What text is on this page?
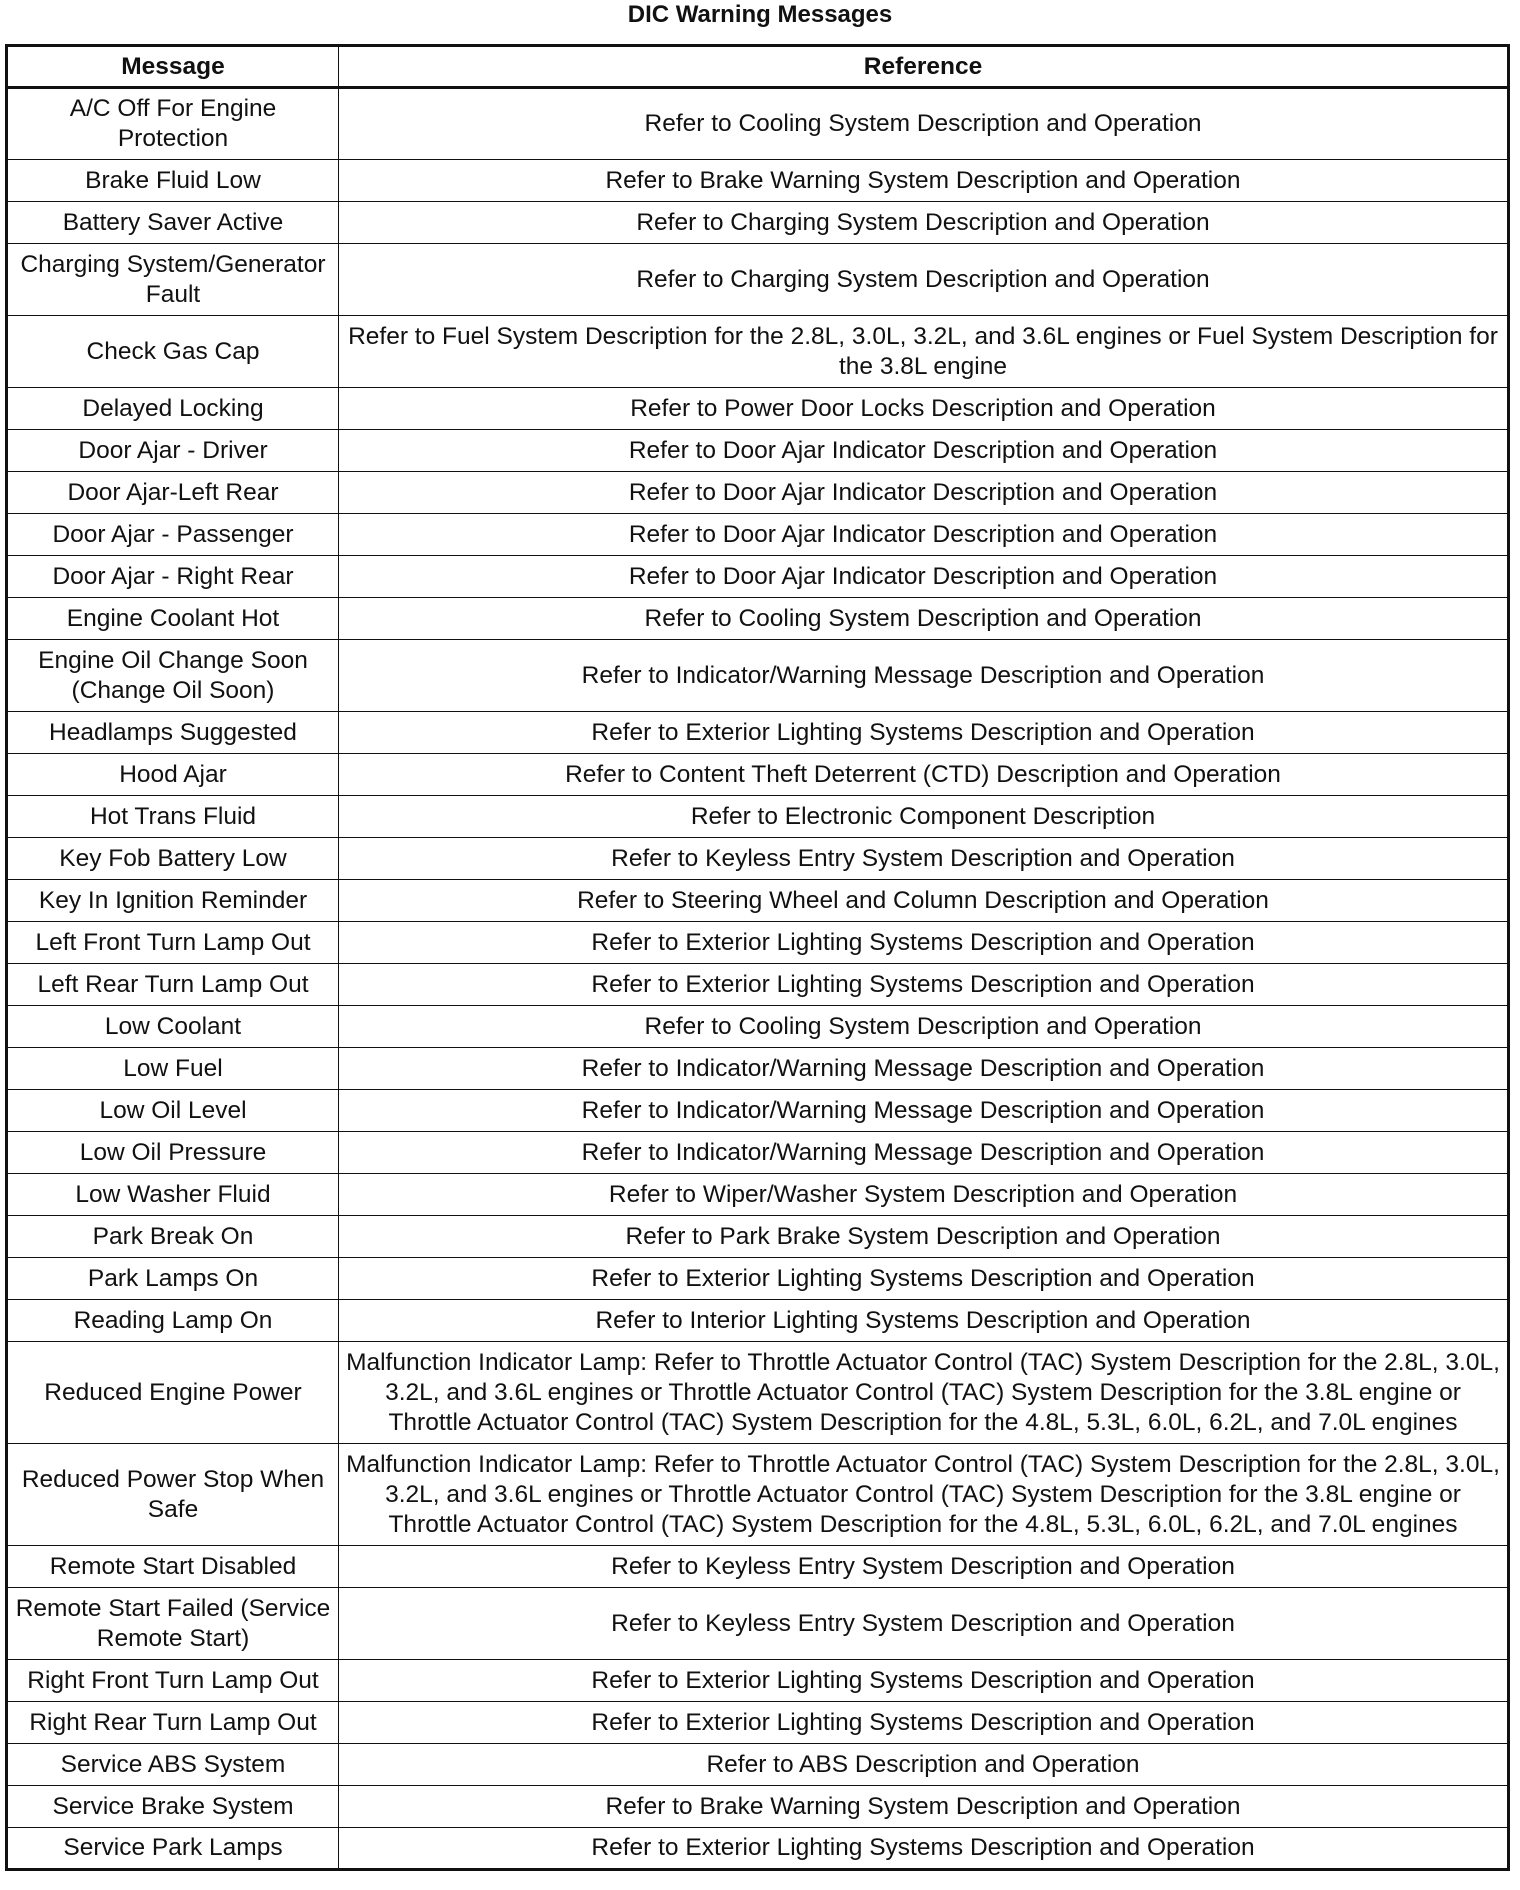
DIC Warning Messages
Message	Reference
A/C Off For Engine Protection	Refer to Cooling System Description and Operation
Brake Fluid Low	Refer to Brake Warning System Description and Operation
Battery Saver Active	Refer to Charging System Description and Operation
Charging System/Generator Fault	Refer to Charging System Description and Operation
Check Gas Cap	Refer to Fuel System Description for the 2.8L, 3.0L, 3.2L, and 3.6L engines or Fuel System Description for the 3.8L engine
Delayed Locking	Refer to Power Door Locks Description and Operation
Door Ajar - Driver	Refer to Door Ajar Indicator Description and Operation
Door Ajar-Left Rear	Refer to Door Ajar Indicator Description and Operation
Door Ajar - Passenger	Refer to Door Ajar Indicator Description and Operation
Door Ajar - Right Rear	Refer to Door Ajar Indicator Description and Operation
Engine Coolant Hot	Refer to Cooling System Description and Operation
Engine Oil Change Soon (Change Oil Soon)	Refer to Indicator/Warning Message Description and Operation
Headlamps Suggested	Refer to Exterior Lighting Systems Description and Operation
Hood Ajar	Refer to Content Theft Deterrent (CTD) Description and Operation
Hot Trans Fluid	Refer to Electronic Component Description
Key Fob Battery Low	Refer to Keyless Entry System Description and Operation
Key In Ignition Reminder	Refer to Steering Wheel and Column Description and Operation
Left Front Turn Lamp Out	Refer to Exterior Lighting Systems Description and Operation
Left Rear Turn Lamp Out	Refer to Exterior Lighting Systems Description and Operation
Low Coolant	Refer to Cooling System Description and Operation
Low Fuel	Refer to Indicator/Warning Message Description and Operation
Low Oil Level	Refer to Indicator/Warning Message Description and Operation
Low Oil Pressure	Refer to Indicator/Warning Message Description and Operation
Low Washer Fluid	Refer to Wiper/Washer System Description and Operation
Park Break On	Refer to Park Brake System Description and Operation
Park Lamps On	Refer to Exterior Lighting Systems Description and Operation
Reading Lamp On	Refer to Interior Lighting Systems Description and Operation
Reduced Engine Power	Malfunction Indicator Lamp: Refer to Throttle Actuator Control (TAC) System Description for the 2.8L, 3.0L, 3.2L, and 3.6L engines or Throttle Actuator Control (TAC) System Description for the 3.8L engine or Throttle Actuator Control (TAC) System Description for the 4.8L, 5.3L, 6.0L, 6.2L, and 7.0L engines
Reduced Power Stop When Safe	Malfunction Indicator Lamp: Refer to Throttle Actuator Control (TAC) System Description for the 2.8L, 3.0L, 3.2L, and 3.6L engines or Throttle Actuator Control (TAC) System Description for the 3.8L engine or Throttle Actuator Control (TAC) System Description for the 4.8L, 5.3L, 6.0L, 6.2L, and 7.0L engines
Remote Start Disabled	Refer to Keyless Entry System Description and Operation
Remote Start Failed (Service Remote Start)	Refer to Keyless Entry System Description and Operation
Right Front Turn Lamp Out	Refer to Exterior Lighting Systems Description and Operation
Right Rear Turn Lamp Out	Refer to Exterior Lighting Systems Description and Operation
Service ABS System	Refer to ABS Description and Operation
Service Brake System	Refer to Brake Warning System Description and Operation
Service Park Lamps	Refer to Exterior Lighting Systems Description and Operation
